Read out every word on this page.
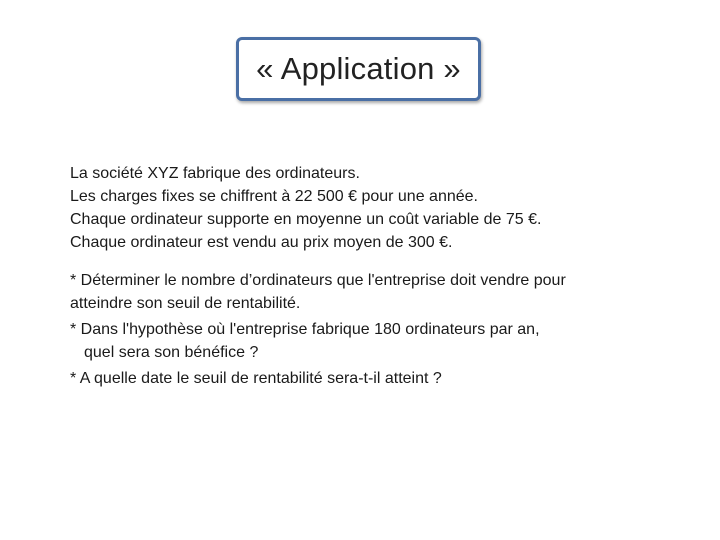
« Application »
La société XYZ fabrique des ordinateurs.
Les charges fixes se chiffrent à 22 500 € pour une année.
Chaque ordinateur supporte en moyenne un coût variable de 75 €.
Chaque ordinateur est vendu au prix moyen de 300 €.
* Déterminer le nombre d’ordinateurs que l'entreprise doit vendre pour
atteindre son seuil de rentabilité.
* Dans l'hypothèse où l'entreprise fabrique 180 ordinateurs par an,
quel sera son bénéfice ?
* A quelle date le seuil de rentabilité sera-t-il atteint ?
